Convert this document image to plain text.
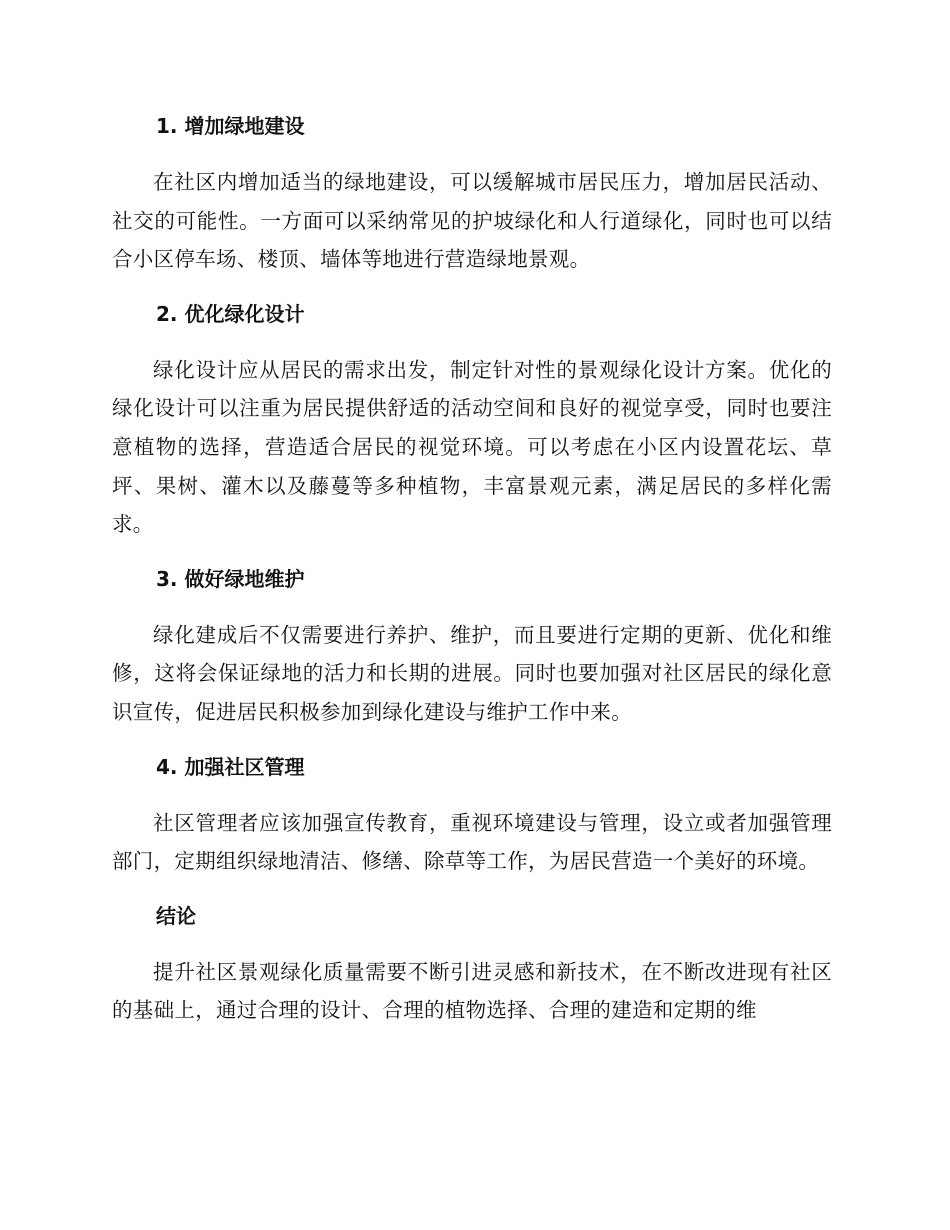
1. 增加绿地建设

在社区内增加适当的绿地建设，可以缓解城市居民压力，增加居民活动、社交的可能性。一方面可以采纳常见的护坡绿化和人行道绿化，同时也可以结合小区停车场、楼顶、墙体等地进行营造绿地景观。

2. 优化绿化设计

绿化设计应从居民的需求出发，制定针对性的景观绿化设计方案。优化的绿化设计可以注重为居民提供舒适的活动空间和良好的视觉享受，同时也要注意植物的选择，营造适合居民的视觉环境。可以考虑在小区内设置花坛、草坪、果树、灌木以及藤蔓等多种植物，丰富景观元素，满足居民的多样化需求。

3. 做好绿地维护

绿化建成后不仅需要进行养护、维护，而且要进行定期的更新、优化和维修，这将会保证绿地的活力和长期的进展。同时也要加强对社区居民的绿化意识宣传，促进居民积极参加到绿化建设与维护工作中来。

4. 加强社区管理

社区管理者应该加强宣传教育，重视环境建设与管理，设立或者加强管理部门，定期组织绿地清洁、修缮、除草等工作，为居民营造一个美好的环境。

结论

提升社区景观绿化质量需要不断引进灵感和新技术，在不断改进现有社区的基础上，通过合理的设计、合理的植物选择、合理的建造和定期的维
